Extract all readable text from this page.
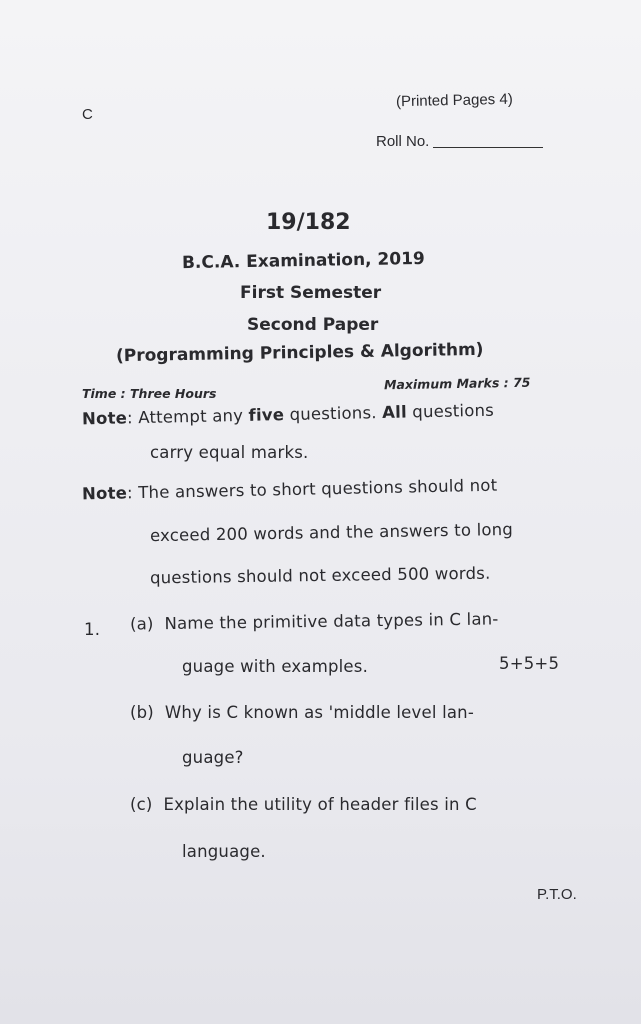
C
(Printed Pages 4)
Roll No.
19/182
B.C.A. Examination, 2019
First Semester
Second Paper
(Programming Principles & Algorithm)
Time : Three Hours
Maximum Marks : 75
Note: Attempt any five questions. All questions
carry equal marks.
Note: The answers to short questions should not
exceed 200 words and the answers to long
questions should not exceed 500 words.
1. (a) Name the primitive data types in C lan-
guage with examples.	5+5+5
(b) Why is C known as 'middle level lan-
guage?
(c) Explain the utility of header files in C
language.
P.T.O.
